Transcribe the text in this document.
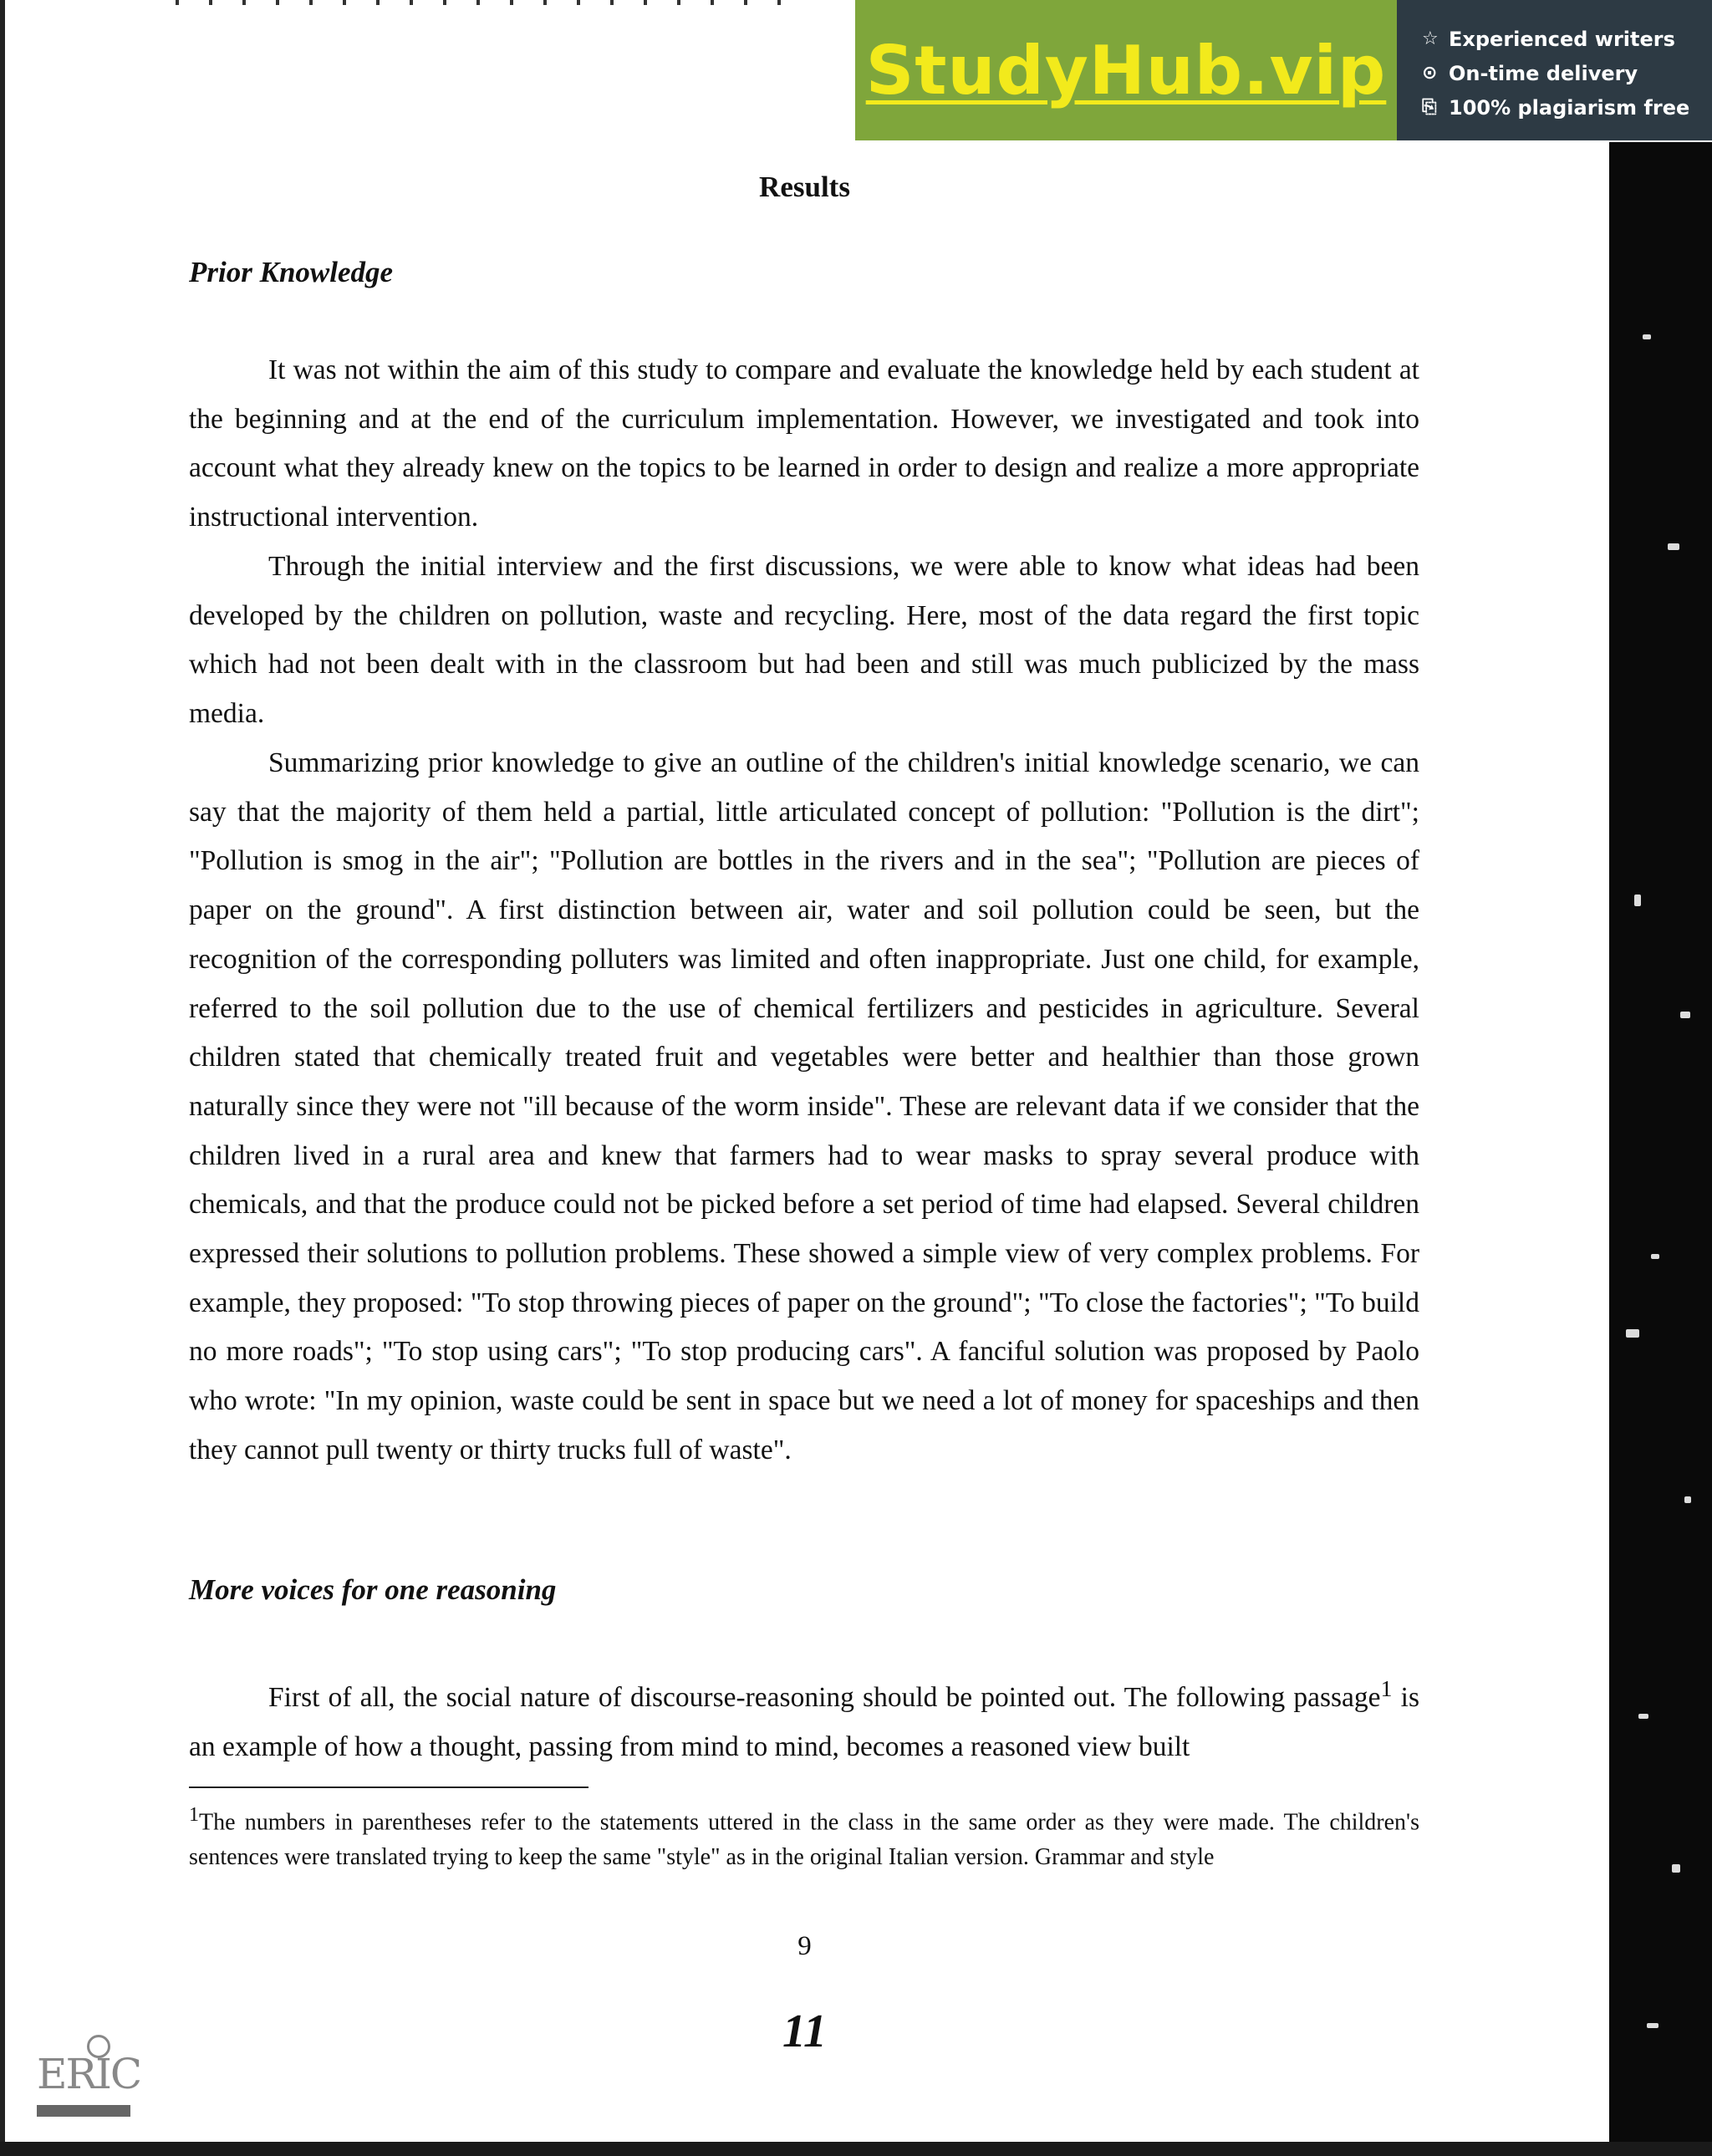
StudyHub.vip ☆ Experienced writers
⊙ On-time delivery
⎘ 100% plagiarism free
Results
Prior Knowledge

It was not within the aim of this study to compare and evaluate the knowledge held by each student at the beginning and at the end of the curriculum implementation. However, we investigated and took into account what they already knew on the topics to be learned in order to design and realize a more appropriate instructional intervention.

Through the initial interview and the first discussions, we were able to know what ideas had been developed by the children on pollution, waste and recycling. Here, most of the data regard the first topic which had not been dealt with in the classroom but had been and still was much publicized by the mass media.

Summarizing prior knowledge to give an outline of the children's initial knowledge scenario, we can say that the majority of them held a partial, little articulated concept of pollution: "Pollution is the dirt"; "Pollution is smog in the air"; "Pollution are bottles in the rivers and in the sea"; "Pollution are pieces of paper on the ground". A first distinction between air, water and soil pollution could be seen, but the recognition of the corresponding polluters was limited and often inappropriate. Just one child, for example, referred to the soil pollution due to the use of chemical fertilizers and pesticides in agriculture. Several children stated that chemically treated fruit and vegetables were better and healthier than those grown naturally since they were not "ill because of the worm inside". These are relevant data if we consider that the children lived in a rural area and knew that farmers had to wear masks to spray several produce with chemicals, and that the produce could not be picked before a set period of time had elapsed. Several children expressed their solutions to pollution problems. These showed a simple view of very complex problems. For example, they proposed: "To stop throwing pieces of paper on the ground"; "To close the factories"; "To build no more roads"; "To stop using cars"; "To stop producing cars". A fanciful solution was proposed by Paolo who wrote: "In my opinion, waste could be sent in space but we need a lot of money for spaceships and then they cannot pull twenty or thirty trucks full of waste".

More voices for one reasoning

First of all, the social nature of discourse-reasoning should be pointed out. The following passage$^1$ is an example of how a thought, passing from mind to mind, becomes a reasoned view built

$^1$The numbers in parentheses refer to the statements uttered in the class in the same order as they were made. The children's sentences were translated trying to keep the same "style" as in the original Italian version. Grammar and style

9

11

ERIC
